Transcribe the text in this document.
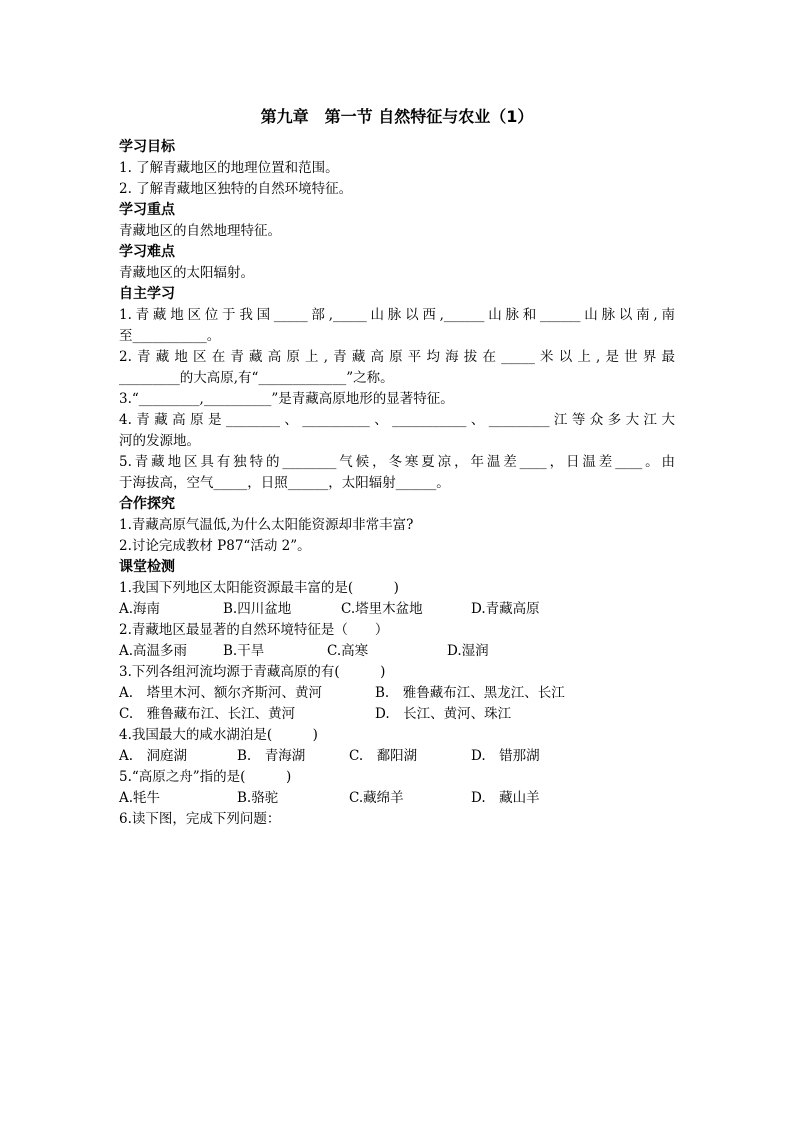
第九章　第一节 自然特征与农业（1）
学习目标
1. 了解青藏地区的地理位置和范围。
2. 了解青藏地区独特的自然环境特征。
学习重点
青藏地区的自然地理特征。
学习难点
青藏地区的太阳辐射。
自主学习
1.青藏地区位于我国_____部,_____山脉以西,______山脉和______山脉以南,南
至___________。
2.青藏地区在青藏高原上,青藏高原平均海拔在_____米以上,是世界最
_________的大高原,有“_____________”之称。
3.“_________,__________”是青藏高原地形的显著特征。
4.青藏高原是________、__________、___________、_________江等众多大江大
河的发源地。
5.青藏地区具有独特的________气候，冬寒夏凉，年温差____，日温差____。由
于海拔高，空气_____，日照______，太阳辐射______。
合作探究
1.青藏高原气温低,为什么太阳能资源却非常丰富?
2.讨论完成教材 P87“活动 2”。
课堂检测
1.我国下列地区太阳能资源最丰富的是(　　　)
A.海南	B.四川盆地	C.塔里木盆地	D.青藏高原
2.青藏地区最显著的自然环境特征是（　　）
A.高温多雨	B.干旱	C.高寒	D.湿润
3.下列各组河流均源于青藏高原的有(　　　)
A.　塔里木河、额尔齐斯河、黄河	B.　雅鲁藏布江、黑龙江、长江
C.　雅鲁藏布江、长江、黄河	D.　长江、黄河、珠江
4.我国最大的咸水湖泊是(　　　)
A.　洞庭湖	B.　青海湖	C.　鄱阳湖	D.　错那湖
5.“高原之舟”指的是(　　　)
A.牦牛	B.骆驼	C.藏绵羊	D.　藏山羊
6.读下图，完成下列问题：
